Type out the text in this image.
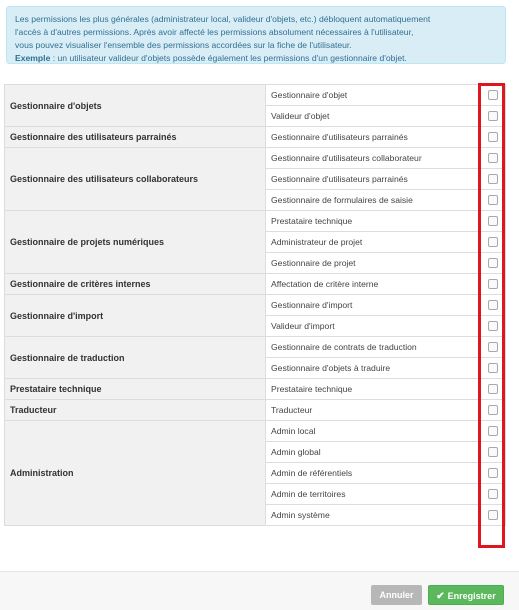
Les permissions les plus générales (administrateur local, valideur d'objets, etc.) débloquent automatiquement
l'accès à d'autres permissions. Après avoir affecté les permissions absolument nécessaires à l'utilisateur,
vous pouvez visualiser l'ensemble des permissions accordées sur la fiche de l'utilisateur.
Exemple : un utilisateur valideur d'objets possède également les permissions d'un gestionnaire d'objet.
Gestionnaire d'objets	Gestionnaire d'objet	
	Valideur d'objet	
Gestionnaire des utilisateurs parrainés	Gestionnaire d'utilisateurs parrainés	
Gestionnaire des utilisateurs collaborateurs	Gestionnaire d'utilisateurs collaborateur	
	Gestionnaire d'utilisateurs parrainés	
	Gestionnaire de formulaires de saisie	
Gestionnaire de projets numériques	Prestataire technique	
	Administrateur de projet	
	Gestionnaire de projet	
Gestionnaire de critères internes	Affectation de critère interne	
Gestionnaire d'import	Gestionnaire d'import	
	Valideur d'import	
Gestionnaire de traduction	Gestionnaire de contrats de traduction	
	Gestionnaire d'objets à traduire	
Prestataire technique	Prestataire technique	
Traducteur	Traducteur	
Administration	Admin local	
	Admin global	
	Admin de référentiels	
	Admin de territoires	
	Admin système	
Annuler	✔ Enregistrer
